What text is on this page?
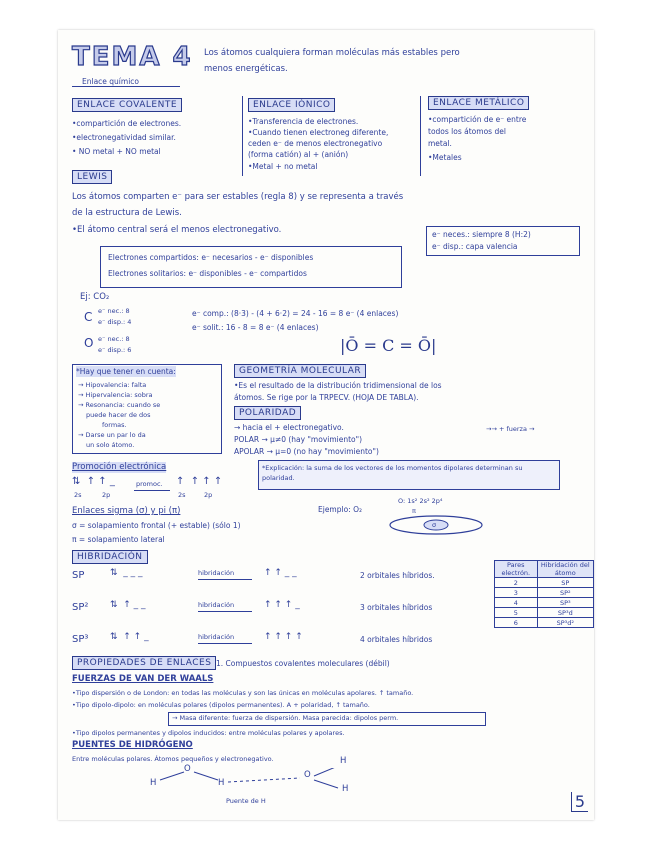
TEMA 4
Enlace químico
Los átomos cualquiera forman moléculas más estables pero
menos energéticas.
ENLACE COVALENTE
•compartición de electrones.
•electronegatividad similar.
• NO metal + NO metal
ENLACE IÓNICO
•Transferencia de electrones.
•Cuando tienen electroneg diferente,
ceden e⁻ de menos electronegativo
(forma catión) al + (anión)
•Metal + no metal
ENLACE METÁLICO
•compartición de e⁻ entre
todos los átomos del
metal.
•Metales
LEWIS
Los átomos comparten e⁻ para ser estables (regla 8) y se representa a través
de la estructura de Lewis.
•El átomo central será el menos electronegativo.	e⁻ neces.: siempre 8 (H:2)
e⁻ disp.: capa valencia
Electrones compartidos: e⁻ necesarios - e⁻ disponibles
Electrones solitarios: e⁻ disponibles - e⁻ compartidos
Ej: CO₂
C e⁻ nec.: 8
e⁻ disp.: 4
O e⁻ nec.: 8
e⁻ disp.: 6
e⁻ comp.: (8·3) - (4 + 6·2) = 24 - 16 = 8 e⁻ (4 enlaces)
e⁻ solit.: 16 - 8 = 8 e⁻ (4 enlaces)
|Ō = C = Ō|
*Hay que tener en cuenta:
→ Hipovalencia: falta
→ Hipervalencia: sobra
→ Resonancia: cuando se
puede hacer de dos
formas.
→ Darse un par lo da
un solo átomo.
GEOMETRÍA MOLECULAR
•Es el resultado de la distribución tridimensional de los
átomos. Se rige por la TRPECV. (HOJA DE TABLA).
POLARIDAD
→ hacia el + electronegativo.
POLAR → μ≠0 (hay "movimiento")
APOLAR → μ=0 (no hay "movimiento")
→→ + fuerza →
*Explicación: la suma de los vectores de los momentos dipolares determinan su polaridad.
Promoción electrónica
⇅  ↑ ↑ _
2s	2p
promoc. ↑  ↑ ↑ ↑
2s	2p
Enlaces sigma (σ) y pi (π)
σ = solapamiento frontal (+ estable) (sólo 1)
π = solapamiento lateral
Ejemplo: O₂
O: 1s² 2s² 2p⁴
π
σ
HIBRIDACIÓN
SP	⇅  _ _ _	hibridación	↑ ↑ _ _	2 orbitales híbridos.
SP² ⇅  ↑ _ _	hibridación	↑ ↑ ↑ _	3 orbitales híbridos
SP³ ⇅  ↑ ↑ _	hibridación	↑ ↑ ↑ ↑	4 orbitales híbridos
Pares electrón.	Hibridación del átomo
2	SP
3	SP²
4	SP³
5	SP³d
6	SP³d²
PROPIEDADES DE ENLACES 1. Compuestos covalentes moleculares (débil)
FUERZAS DE VAN DER WAALS
•Tipo dispersión o de London: en todas las moléculas y son las únicas en moléculas apolares. ↑ tamaño.
•Tipo dipolo-dipolo: en moléculas polares (dipolos permanentes). A + polaridad, ↑ tamaño.
→ Masa diferente: fuerza de dispersión. Masa parecida: dipolos perm.
•Tipo dipolos permanentes y dipolos inducidos: entre moléculas polares y apolares.
PUENTES DE HIDRÓGENO
Entre moléculas polares. Átomos pequeños y electronegativo.
H
O
H
O
H
H
Puente de H	5
